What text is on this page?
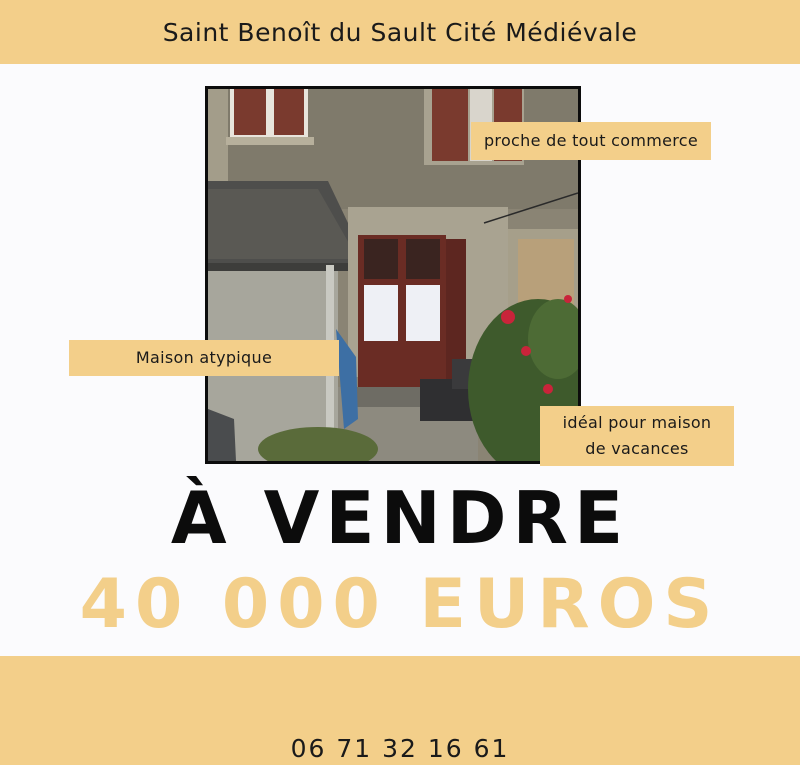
Saint Benoît du Sault Cité Médiévale
proche de tout commerce
Maison atypique
idéal pour maison
de vacances
À VENDRE
40 000 EUROS
06 71 32 16 61
